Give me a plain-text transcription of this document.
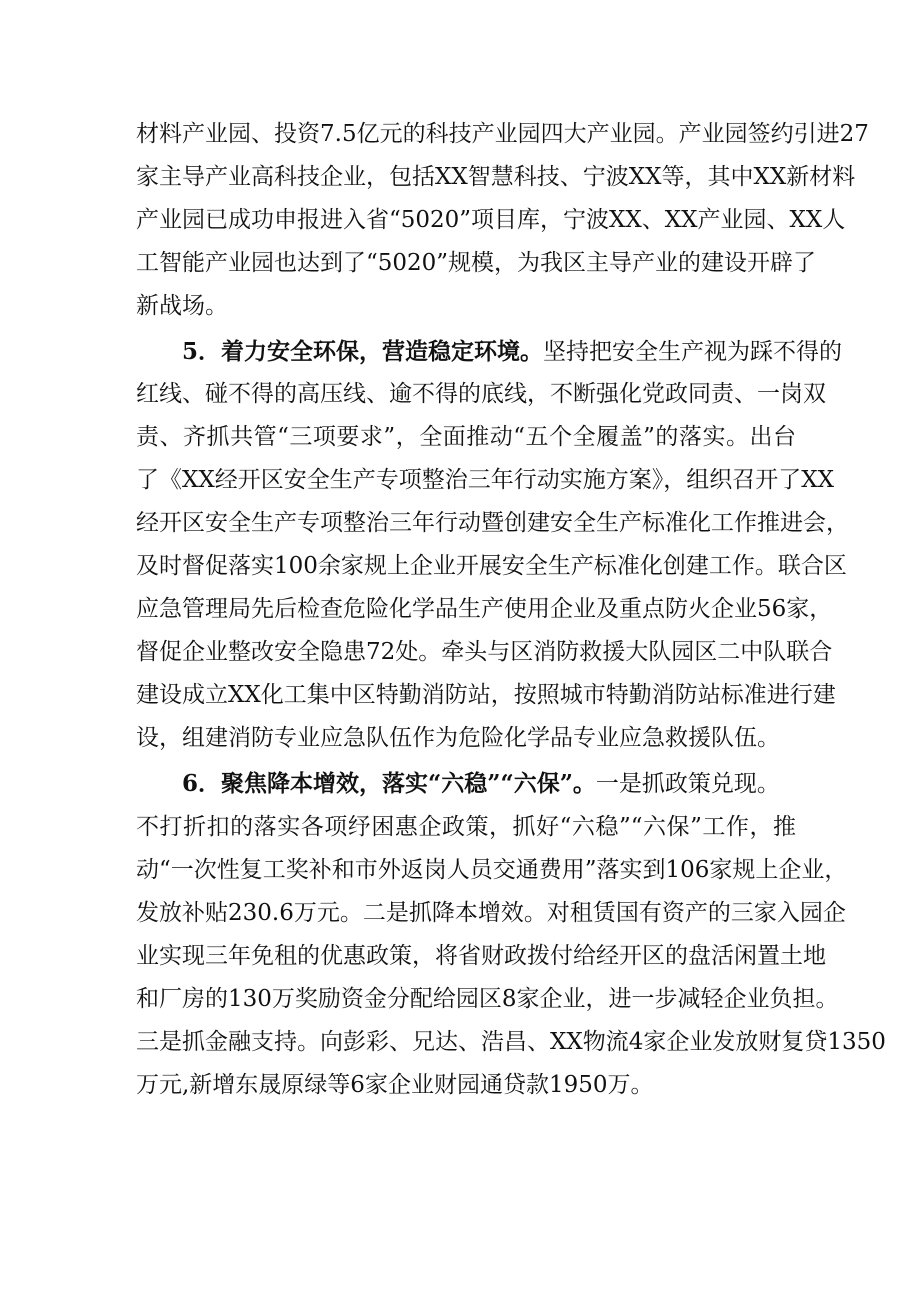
材料产业园、投资7.5亿元的科技产业园四大产业园。产业园签约引进27
家主导产业高科技企业，包括XX智慧科技、宁波XX等，其中XX新材料
产业园已成功申报进入省“5020”项目库，宁波XX、XX产业园、XX人
工智能产业园也达到了“5020”规模，为我区主导产业的建设开辟了
新战场。
5．着力安全环保，营造稳定环境。坚持把安全生产视为踩不得的
红线、碰不得的高压线、逾不得的底线，不断强化党政同责、一岗双
责、齐抓共管“三项要求”，全面推动“五个全履盖”的落实。出台
了《XX经开区安全生产专项整治三年行动实施方案》，组织召开了XX
经开区安全生产专项整治三年行动暨创建安全生产标准化工作推进会，
及时督促落实100余家规上企业开展安全生产标准化创建工作。联合区
应急管理局先后检查危险化学品生产使用企业及重点防火企业56家，
督促企业整改安全隐患72处。牵头与区消防救援大队园区二中队联合
建设成立XX化工集中区特勤消防站，按照城市特勤消防站标准进行建
设，组建消防专业应急队伍作为危险化学品专业应急救援队伍。
6．聚焦降本增效，落实“六稳”“六保”。一是抓政策兑现。
不打折扣的落实各项纾困惠企政策，抓好“六稳”“六保”工作，推
动“一次性复工奖补和市外返岗人员交通费用”落实到106家规上企业，
发放补贴230.6万元。二是抓降本增效。对租赁国有资产的三家入园企
业实现三年免租的优惠政策，将省财政拨付给经开区的盘活闲置土地
和厂房的130万奖励资金分配给园区8家企业，进一步减轻企业负担。
三是抓金融支持。向彭彩、兄达、浩昌、XX物流4家企业发放财复贷1350
万元,新增东晟原绿等6家企业财园通贷款1950万。
